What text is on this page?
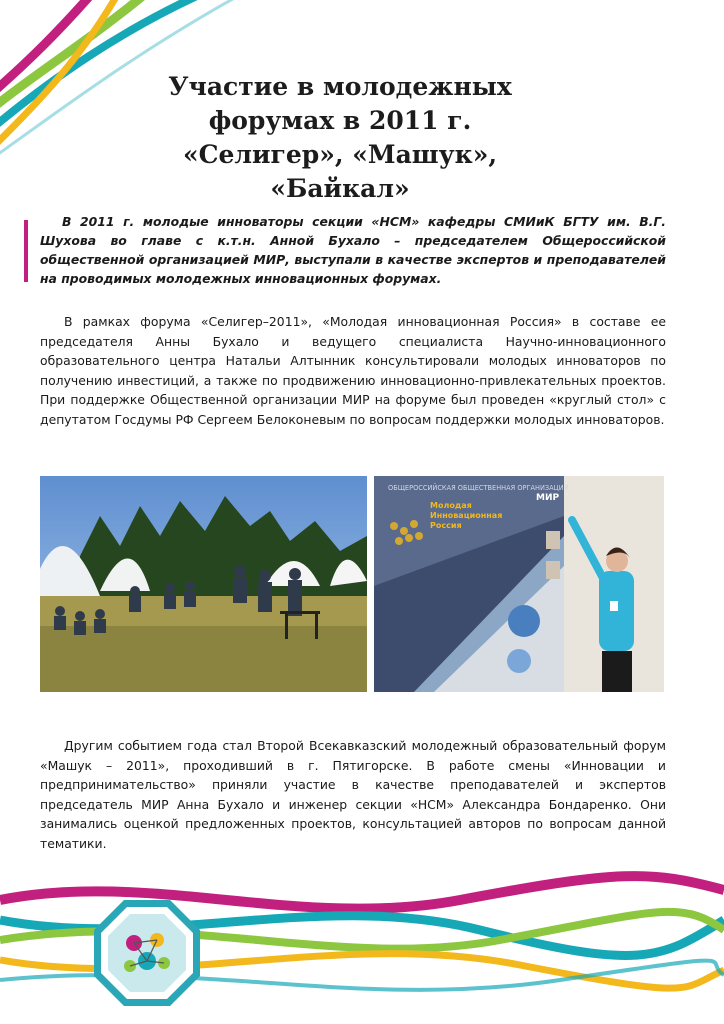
Участие в молодежных
форумах в 2011 г.
«Селигер», «Машук», «Байкал»

В 2011 г. молодые инноваторы секции «НСМ» кафедры СМИиК БГТУ им. В.Г. Шухова во главе с к.т.н. Анной Бухало – председателем Общероссийской общественной организацией МИР, выступали в качестве экспертов и преподавателей на проводимых молодежных инновационных форумах.

В рамках форума «Селигер–2011», «Молодая инновационная Россия» в составе ее председателя Анны Бухало и ведущего специалиста Научно-инновационного образовательного центра Натальи Алтынник консультировали молодых инноваторов по получению инвестиций, а также по продвижению инновационно-привлекательных проектов. При поддержке Общественной организации МИР на форуме был проведен «круглый стол» с депутатом Госдумы РФ Сергеем Белоконевым по вопросам поддержки молодых инноваторов.

ОБЩЕРОССИЙСКАЯ ОБЩЕСТВЕННАЯ ОРГАНИЗАЦИЯ
Молодая
Инновационная
Россия
МИР

Другим событием года стал Второй Всекавказский молодежный образовательный форум «Машук – 2011», проходивший в г. Пятигорске. В работе смены «Инновации и предпринимательство» приняли участие в качестве преподавателей и экспертов председатель МИР Анна Бухало и инженер секции «НСМ» Александра Бондаренко. Они занимались оценкой предложенных проектов, консультацией авторов по вопросам данной тематики.
